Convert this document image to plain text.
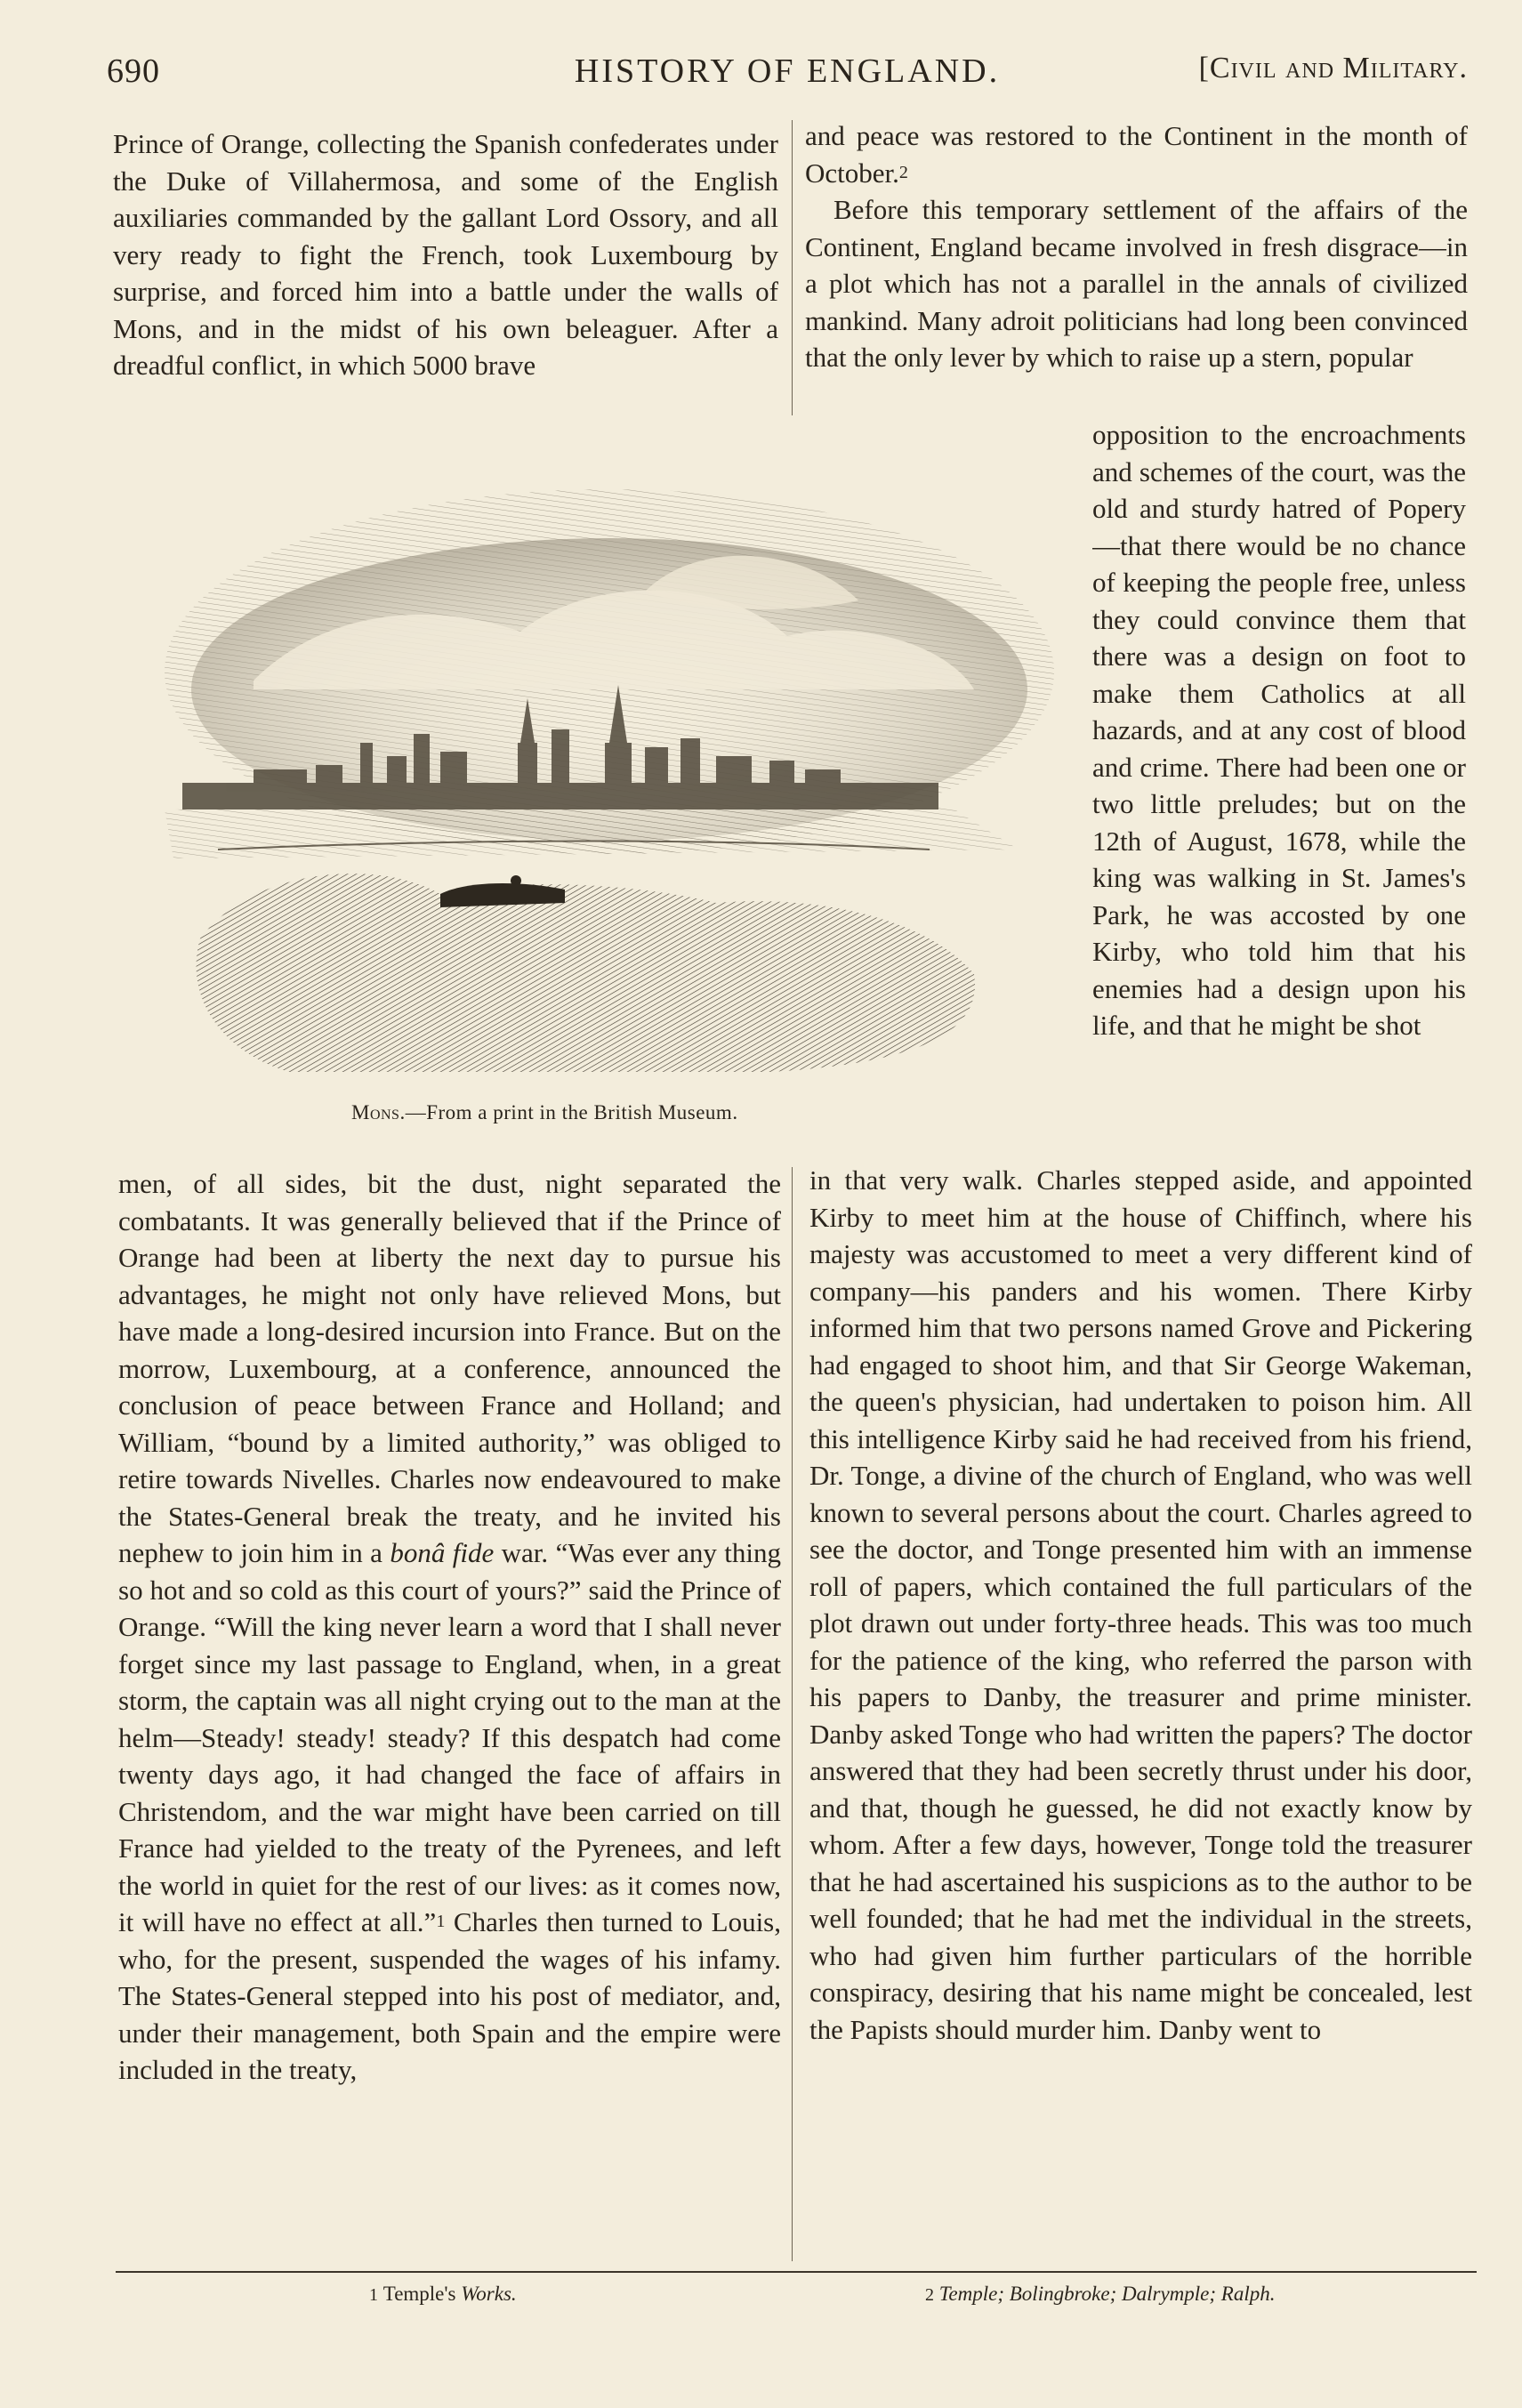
690	HISTORY OF ENGLAND.	[Civil and Military.

Prince of Orange, collecting the Spanish confederates under the Duke of Villahermosa, and some of the English auxiliaries commanded by the gallant Lord Ossory, and all very ready to fight the French, took Luxembourg by surprise, and forced him into a battle under the walls of Mons, and in the midst of his own beleaguer. After a dreadful conflict, in which 5000 brave

and peace was restored to the Continent in the month of October.$^2$

Before this temporary settlement of the affairs of the Continent, England became involved in fresh disgrace—in a plot which has not a parallel in the annals of civilized mankind. Many adroit politicians had long been convinced that the only lever by which to raise up a stern, popular

Mons.—From a print in the British Museum.

opposition to the encroachments and schemes of the court, was the old and sturdy hatred of Popery—that there would be no chance of keeping the people free, unless they could convince them that there was a design on foot to make them Catholics at all hazards, and at any cost of blood and crime. There had been one or two little preludes; but on the 12th of August, 1678, while the king was walking in St. James's Park, he was accosted by one Kirby, who told him that his enemies had a design upon his life, and that he might be shot

men, of all sides, bit the dust, night separated the combatants. It was generally believed that if the Prince of Orange had been at liberty the next day to pursue his advantages, he might not only have relieved Mons, but have made a long-desired incursion into France. But on the morrow, Luxembourg, at a conference, announced the conclusion of peace between France and Holland; and William, “bound by a limited authority,” was obliged to retire towards Nivelles. Charles now endeavoured to make the States-General break the treaty, and he invited his nephew to join him in a bonâ fide war. “Was ever any thing so hot and so cold as this court of yours?” said the Prince of Orange. “Will the king never learn a word that I shall never forget since my last passage to England, when, in a great storm, the captain was all night crying out to the man at the helm—Steady! steady! steady? If this despatch had come twenty days ago, it had changed the face of affairs in Christendom, and the war might have been carried on till France had yielded to the treaty of the Pyrenees, and left the world in quiet for the rest of our lives: as it comes now, it will have no effect at all.”$^1$ Charles then turned to Louis, who, for the present, suspended the wages of his infamy. The States-General stepped into his post of mediator, and, under their management, both Spain and the empire were included in the treaty,

in that very walk. Charles stepped aside, and appointed Kirby to meet him at the house of Chiffinch, where his majesty was accustomed to meet a very different kind of company—his panders and his women. There Kirby informed him that two persons named Grove and Pickering had engaged to shoot him, and that Sir George Wakeman, the queen's physician, had undertaken to poison him. All this intelligence Kirby said he had received from his friend, Dr. Tonge, a divine of the church of England, who was well known to several persons about the court. Charles agreed to see the doctor, and Tonge presented him with an immense roll of papers, which contained the full particulars of the plot drawn out under forty-three heads. This was too much for the patience of the king, who referred the parson with his papers to Danby, the treasurer and prime minister. Danby asked Tonge who had written the papers? The doctor answered that they had been secretly thrust under his door, and that, though he guessed, he did not exactly know by whom. After a few days, however, Tonge told the treasurer that he had ascertained his suspicions as to the author to be well founded; that he had met the individual in the streets, who had given him further particulars of the horrible conspiracy, desiring that his name might be concealed, lest the Papists should murder him. Danby went to

1 Temple's Works.	2 Temple; Bolingbroke; Dalrymple; Ralph.
